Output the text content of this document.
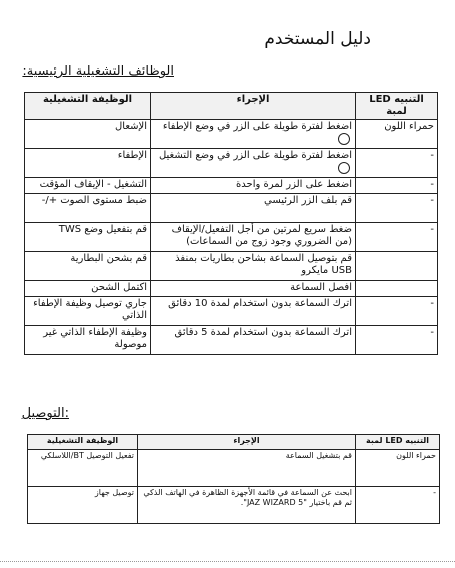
دليل المستخدم
الوظائف التشغيلية الرئيسية:
التنبيه LED لمبة	الإجراء	الوظيفة التشغيلية
حمراء اللون	اضغط لفترة طويلة على الزر في وضع الإطفاء	الإشعال
-	اضغط لفترة طويلة على الزر في وضع التشغيل	الإطفاء
-	اضغط على الزر لمرة واحدة	التشغيل - الإيقاف المؤقت
-	قم بلف الزر الرئيسي	ضبط مستوى الصوت +/-
-	ضغط سريع لمرتين من أجل التفعيل/الإيقاف (من الضروري وجود زوج من السماعات)	قم بتفعيل وضع TWS
	قم بتوصيل السماعة بشاحن بطاريات بمنفذ USB مايكرو	قم بشحن البطارية
	افصل السماعة	اكتمل الشحن
-	اترك السماعة بدون استخدام لمدة 10 دقائق	جاري توصيل وظيفة الإطفاء الذاتي
-	اترك السماعة بدون استخدام لمدة 5 دقائق	وظيفة الإطفاء الذاتي غير موصولة
:التوصيل
التنبيه LED لمبة	الإجراء	الوظيفة التشغيلية
حمراء اللون	قم بتشغيل السماعة	تفعيل التوصيل BT/اللاسلكي
-	ابحث عن السماعة في قائمة الأجهزة الظاهرة في الهاتف الذكي ثم قم باختيار "JAZ WIZARD 5".	توصيل جهاز
